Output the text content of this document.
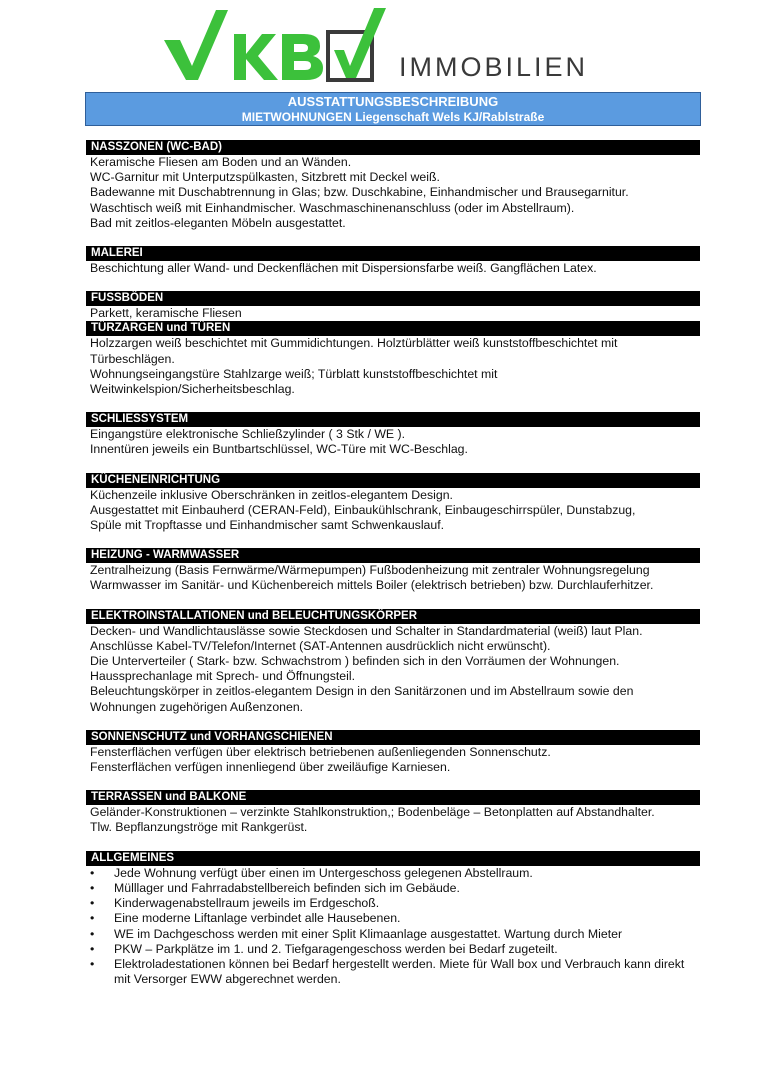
IMMOBILIEN
AUSSTATTUNGSBESCHREIBUNG
MIETWOHNUNGEN Liegenschaft Wels KJ/Rablstraße
NASSZONEN (WC-BAD)
Keramische Fliesen am Boden und an Wänden.
WC-Garnitur mit Unterputzspülkasten, Sitzbrett mit Deckel weiß.
Badewanne mit Duschabtrennung in Glas; bzw. Duschkabine, Einhandmischer und Brausegarnitur.
Waschtisch weiß mit Einhandmischer. Waschmaschinenanschluss (oder im Abstellraum).
Bad mit zeitlos-eleganten Möbeln ausgestattet.
MALEREI
Beschichtung aller Wand- und Deckenflächen mit Dispersionsfarbe weiß. Gangflächen Latex.
FUSSBÖDEN
Parkett, keramische Fliesen
TÜRZARGEN und TÜREN
Holzzargen weiß beschichtet mit Gummidichtungen. Holztürblätter weiß kunststoffbeschichtet mit
Türbeschlägen.
Wohnungseingangstüre Stahlzarge weiß; Türblatt kunststoffbeschichtet mit
Weitwinkelspion/Sicherheitsbeschlag.
SCHLIESSYSTEM
Eingangstüre elektronische Schließzylinder ( 3 Stk / WE ).
Innentüren jeweils ein Buntbartschlüssel, WC-Türe mit WC-Beschlag.
KÜCHENEINRICHTUNG
Küchenzeile inklusive Oberschränken in zeitlos-elegantem Design.
Ausgestattet mit Einbauherd (CERAN-Feld), Einbaukühlschrank, Einbaugeschirrspüler, Dunstabzug,
Spüle mit Tropftasse und Einhandmischer samt Schwenkauslauf.
HEIZUNG - WARMWASSER
Zentralheizung (Basis Fernwärme/Wärmepumpen) Fußbodenheizung mit zentraler Wohnungsregelung
Warmwasser im Sanitär- und Küchenbereich mittels Boiler (elektrisch betrieben) bzw. Durchlauferhitzer.
ELEKTROINSTALLATIONEN und BELEUCHTUNGSKÖRPER
Decken- und Wandlichtauslässe sowie Steckdosen und Schalter in Standardmaterial (weiß) laut Plan.
Anschlüsse Kabel-TV/Telefon/Internet (SAT-Antennen ausdrücklich nicht erwünscht).
Die Unterverteiler ( Stark- bzw. Schwachstrom ) befinden sich in den Vorräumen der Wohnungen.
Haussprechanlage mit Sprech- und Öffnungsteil.
Beleuchtungskörper in zeitlos-elegantem Design in den Sanitärzonen und im Abstellraum sowie den
Wohnungen zugehörigen Außenzonen.
SONNENSCHUTZ und VORHANGSCHIENEN
Fensterflächen verfügen über elektrisch betriebenen außenliegenden Sonnenschutz.
Fensterflächen verfügen innenliegend über zweiläufige Karniesen.
TERRASSEN und BALKONE
Geländer-Konstruktionen – verzinkte Stahlkonstruktion,; Bodenbeläge – Betonplatten auf Abstandhalter.
Tlw. Bepflanzungströge mit Rankgerüst.
ALLGEMEINES
• Jede Wohnung verfügt über einen im Untergeschoss gelegenen Abstellraum.
• Mülllager und Fahrradabstellbereich befinden sich im Gebäude.
• Kinderwagenabstellraum jeweils im Erdgeschoß.
• Eine moderne Liftanlage verbindet alle Hausebenen.
• WE im Dachgeschoss werden mit einer Split Klimaanlage ausgestattet. Wartung durch Mieter
• PKW – Parkplätze im 1. und 2. Tiefgaragengeschoss werden bei Bedarf zugeteilt.
• Elektroladestationen können bei Bedarf hergestellt werden. Miete für Wall box und Verbrauch kann direkt mit Versorger EWW abgerechnet werden.
